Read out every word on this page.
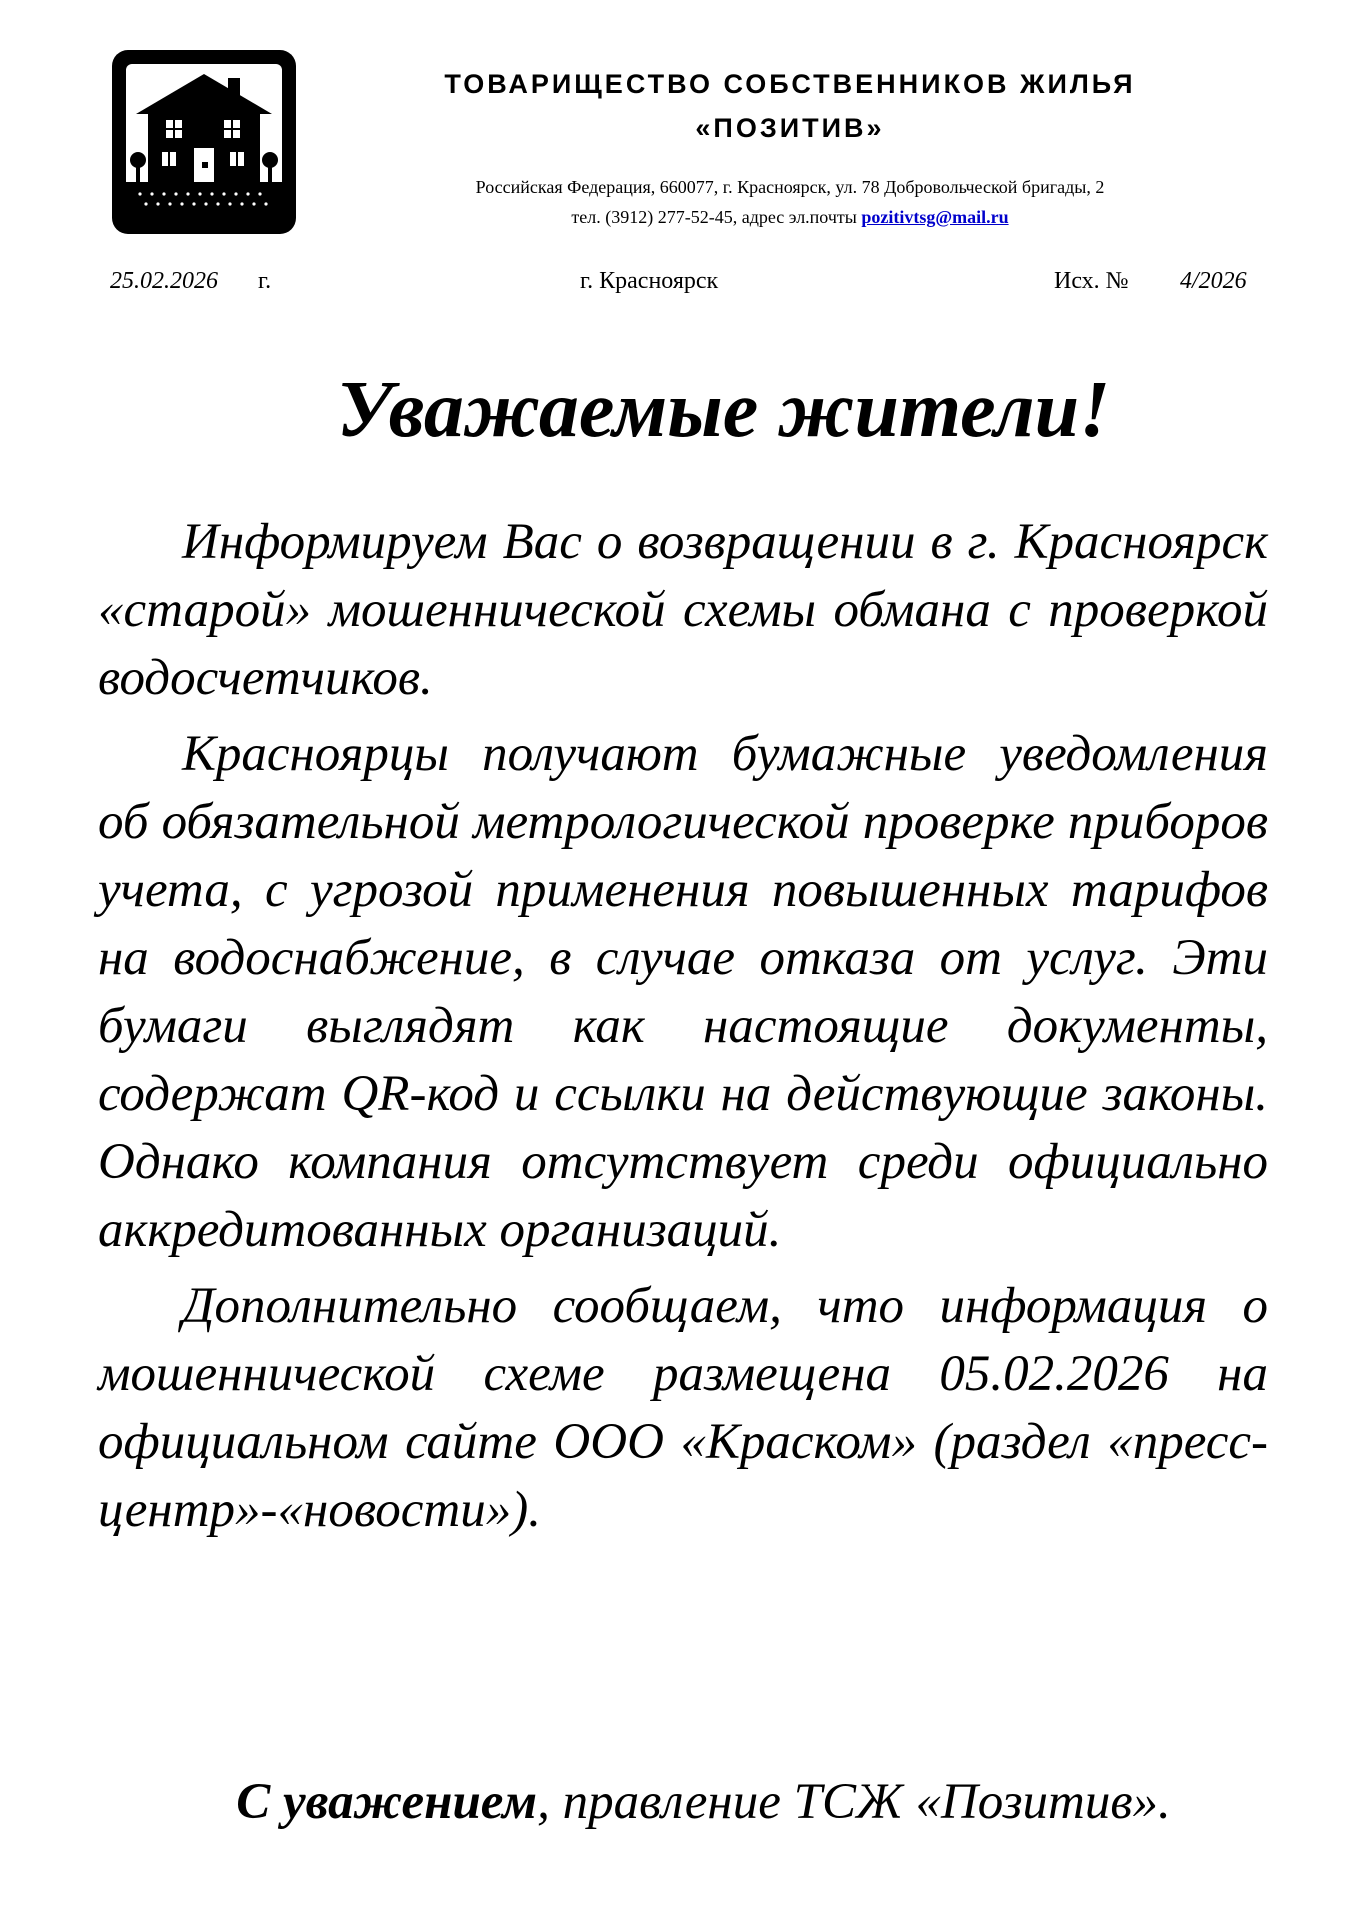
ТОВАРИЩЕСТВО СОБСТВЕННИКОВ ЖИЛЬЯ
«ПОЗИТИВ»
Российская Федерация, 660077, г. Красноярск, ул. 78 Добровольческой бригады, 2
тел. (3912) 277-52-45, адрес эл.почты pozitivtsg@mail.ru
25.02.2026 г.	г. Красноярск	Исх. № 4/2026
Уважаемые жители!

Информируем Вас о возвращении в г. Красноярск «старой» мошеннической схемы обмана с проверкой водосчетчиков.

Красноярцы получают бумажные уведомления об обязательной метрологической проверке приборов учета, с угрозой применения повышенных тарифов на водоснабжение, в случае отказа от услуг. Эти бумаги выглядят как настоящие документы, содержат QR-код и ссылки на действующие законы. Однако компания отсутствует среди официально аккредитованных организаций.

Дополнительно сообщаем, что информация о мошеннической схеме размещена 05.02.2026 на официальном сайте ООО «Краском» (раздел «пресс-центр»-«новости»).

С уважением, правление ТСЖ «Позитив».
